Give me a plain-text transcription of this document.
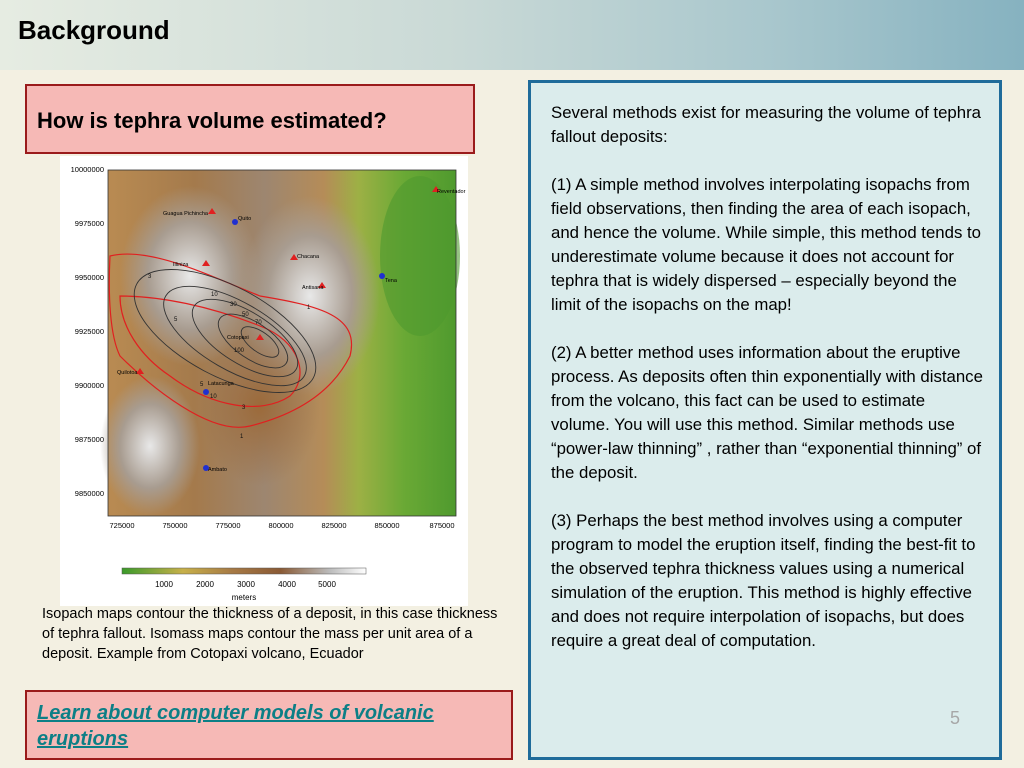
Background
How is tephra volume estimated?
Guagua Pichincha
Quito
Reventador
Chacana
Antisana
Tena
Illiniza
Cotopaxi
Quilotoa
Latacunga
Ambato
3
5
10
30
50
70
100
1
5
10
3
1
10000000
9975000
9950000
9925000
9900000
9875000
9850000
725000	750000	775000	800000	825000	850000	875000
1000	2000	3000	4000	5000
meters
Isopach maps contour the thickness of a deposit, in this case thickness of tephra fallout. Isomass maps contour the mass per unit area of a deposit. Example from Cotopaxi volcano, Ecuador
Learn about computer models of volcanic eruptions

Several methods exist for measuring the volume of tephra fallout deposits:

(1) A simple method involves interpolating isopachs from field observations, then finding the area of each isopach, and hence the volume. While simple, this method tends to underestimate volume because it does not account for tephra that is widely dispersed – especially beyond the limit of the isopachs on the map!

(2) A better method uses information about the eruptive process. As deposits often thin exponentially with distance from the volcano, this fact can be used to estimate volume. You will use this method. Similar methods use “power-law thinning” , rather than “exponential thinning” of the deposit.

(3) Perhaps the best method involves using a computer program to model the eruption itself, finding the best-fit to the observed tephra thickness values using a numerical simulation of the eruption. This method is highly effective and does not require interpolation of isopachs, but does require a great deal of computation.

5
